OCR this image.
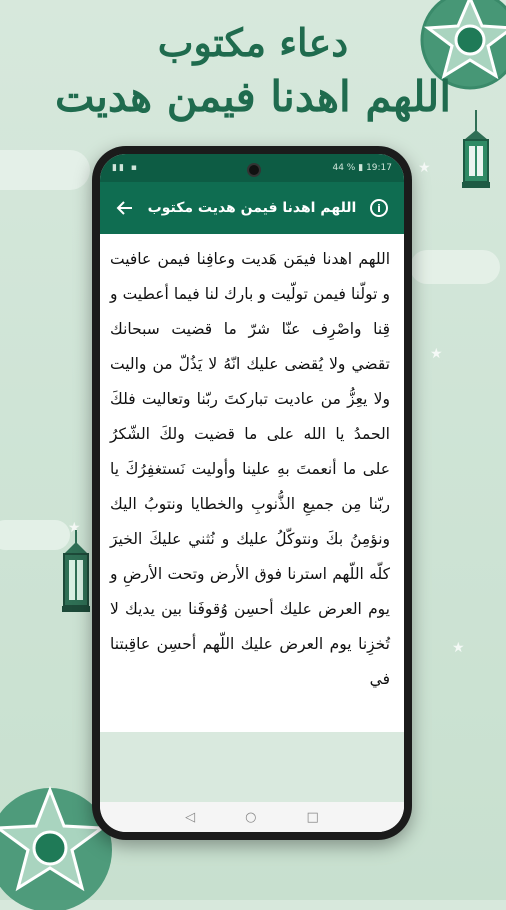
★
★
★
★
دعاء مكتوب
اللهم اهدنا فيمن هديت
▮▮ ▪	44 % ▮ 19:17
اللهم اهدنا فيمن هديت مكتوب	i
اللهم اهدنا فيمَن هَديت وعافِنا فيمن عافيت و تولّنا فيمن تولّيت و بارك لنا فيما أعطيت و قِنا واصْرِف عنّا شرّ ما قضيت سبحانك تقضي ولا يُقضى عليك انّهُ لا يَذُلّ من واليت ولا يعِزُّ من عاديت تباركتَ ربّنا وتعاليت فلكَ الحمدُ يا الله على ما قضيت ولكَ الشّكرُ على ما أنعمتَ بهِ علينا وأوليت نَستغفِرُكَ يا ربّنا مِن جميعِ الذُّنوبِ والخطايا ونتوبُ اليك ونؤمِنُ بكَ ونتوكّلُ عليك و نُثني عليكَ الخيرَ كلّه اللّهم استرنا فوق الأرض وتحت الأرضِ و يوم العرض عليك أحسِن وُقوفَنا بين يديك لا تُخزِنا يوم العرض عليك اللّهم أحسِن عاقِبتنا في
◁	○	□
